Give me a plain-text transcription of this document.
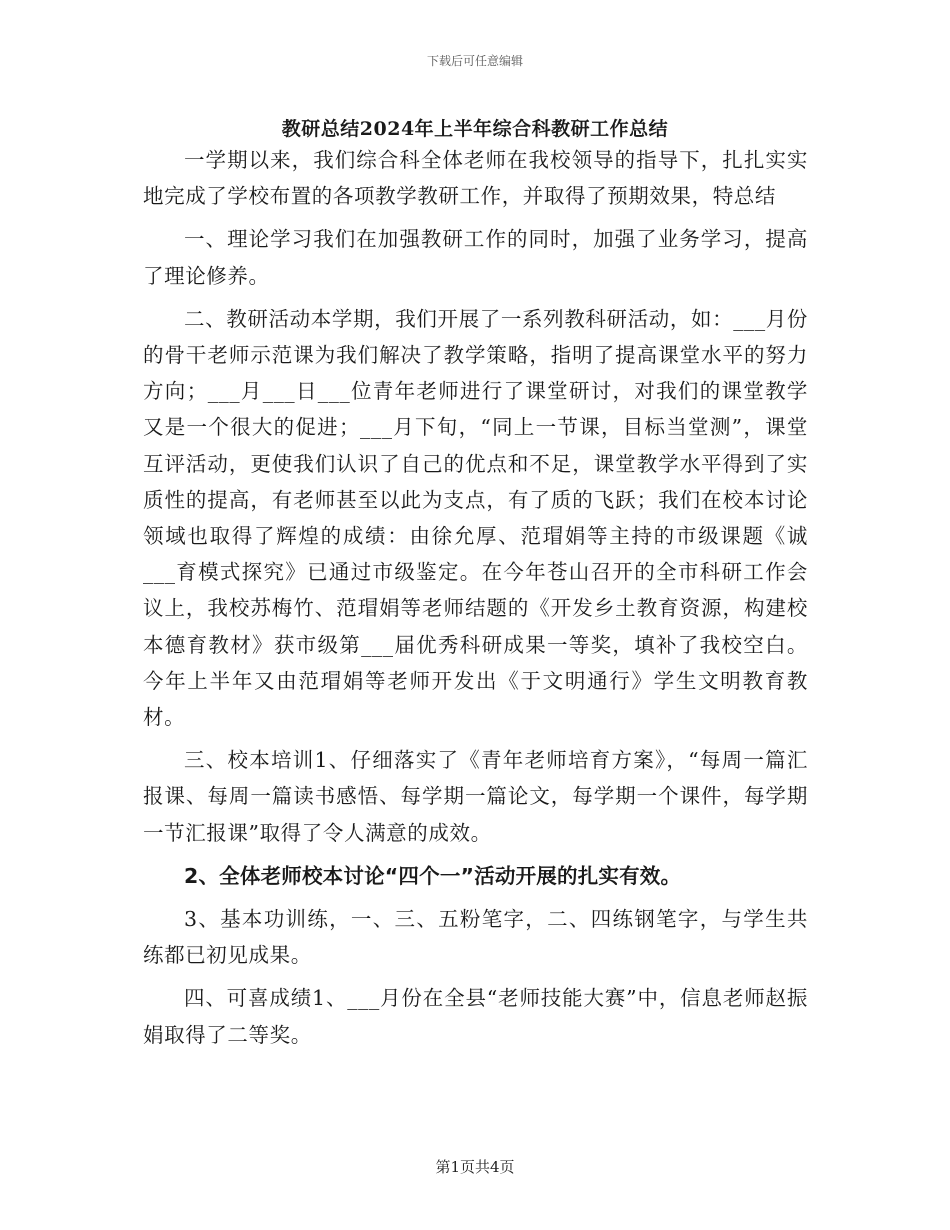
下载后可任意编辑
教研总结2024年上半年综合科教研工作总结

一学期以来，我们综合科全体老师在我校领导的指导下，扎扎实实地完成了学校布置的各项教学教研工作，并取得了预期效果，特总结

一、理论学习我们在加强教研工作的同时，加强了业务学习，提高了理论修养。

二、教研活动本学期，我们开展了一系列教科研活动，如：___月份的骨干老师示范课为我们解决了教学策略，指明了提高课堂水平的努力方向；___月___日___位青年老师进行了课堂研讨，对我们的课堂教学又是一个很大的促进；___月下旬，“同上一节课，目标当堂测”，课堂互评活动，更使我们认识了自己的优点和不足，课堂教学水平得到了实质性的提高，有老师甚至以此为支点，有了质的飞跃；我们在校本讨论领域也取得了辉煌的成绩：由徐允厚、范瑁娟等主持的市级课题《诚___育模式探究》已通过市级鉴定。在今年苍山召开的全市科研工作会议上，我校苏梅竹、范瑁娟等老师结题的《开发乡土教育资源，构建校本德育教材》获市级第___届优秀科研成果一等奖，填补了我校空白。今年上半年又由范瑁娟等老师开发出《于文明通行》学生文明教育教材。

三、校本培训1、仔细落实了《青年老师培育方案》，“每周一篇汇报课、每周一篇读书感悟、每学期一篇论文，每学期一个课件，每学期一节汇报课”取得了令人满意的成效。

2、全体老师校本讨论“四个一”活动开展的扎实有效。

3、基本功训练，一、三、五粉笔字，二、四练钢笔字，与学生共练都已初见成果。

四、可喜成绩1、___月份在全县“老师技能大赛”中，信息老师赵振娟取得了二等奖。

第1页共4页
